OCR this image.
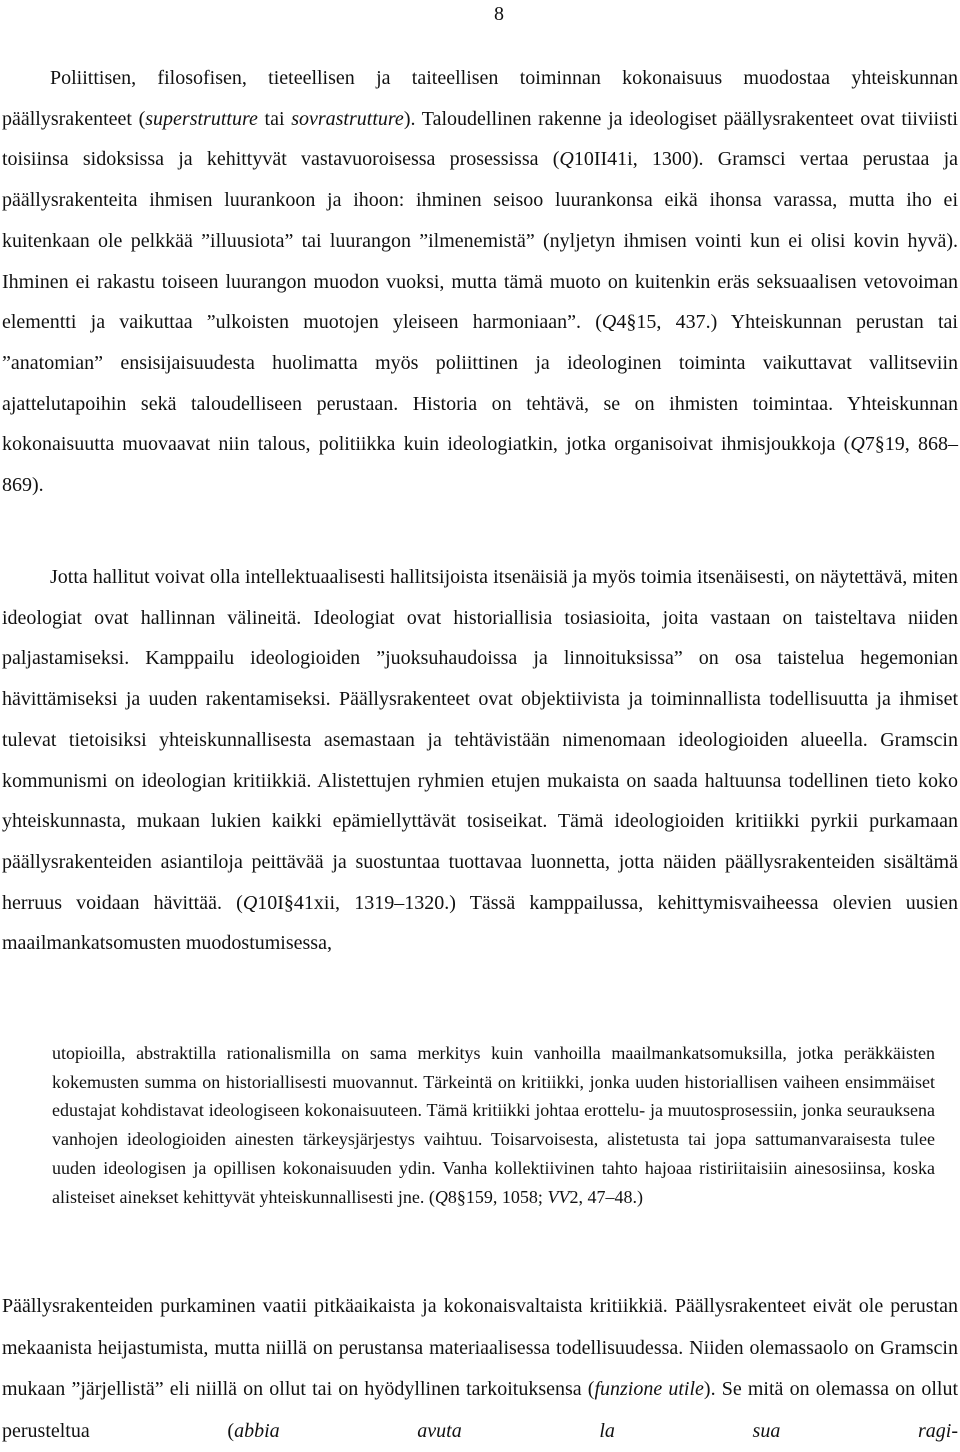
8

Poliittisen, filosofisen, tieteellisen ja taiteellisen toiminnan kokonaisuus muodostaa yhteiskunnan päällysrakenteet (superstrutture tai sovrastrutture). Taloudellinen rakenne ja ideologiset päällysrakenteet ovat tiiviisti toisiinsa sidoksissa ja kehittyvät vastavuoroisessa prosessissa (Q10II41i, 1300). Gramsci vertaa perustaa ja päällysrakenteita ihmisen luurankoon ja ihoon: ihminen seisoo luurankonsa eikä ihonsa varassa, mutta iho ei kuitenkaan ole pelkkää ”illuusiota” tai luurangon ”ilmenemistä” (nyljetyn ihmisen vointi kun ei olisi kovin hyvä). Ihminen ei rakastu toiseen luurangon muodon vuoksi, mutta tämä muoto on kuitenkin eräs seksuaalisen vetovoiman elementti ja vaikuttaa ”ulkoisten muotojen yleiseen harmoniaan”. (Q4§15, 437.) Yhteiskunnan perustan tai ”anatomian” ensisijaisuudesta huolimatta myös poliittinen ja ideologinen toiminta vaikuttavat vallitseviin ajattelutapoihin sekä taloudelliseen perustaan. Historia on tehtävä, se on ihmisten toimintaa. Yhteiskunnan kokonaisuutta muovaavat niin talous, politiikka kuin ideologiatkin, jotka organisoivat ihmisjoukkoja (Q7§19, 868–869).

Jotta hallitut voivat olla intellektuaalisesti hallitsijoista itsenäisiä ja myös toimia itsenäisesti, on näytettävä, miten ideologiat ovat hallinnan välineitä. Ideologiat ovat historiallisia tosiasioita, joita vastaan on taisteltava niiden paljastamiseksi. Kamppailu ideologioiden ”juoksuhaudoissa ja linnoituksissa” on osa taistelua hegemonian hävittämiseksi ja uuden rakentamiseksi. Päällysrakenteet ovat objektiivista ja toiminnallista todellisuutta ja ihmiset tulevat tietoisiksi yhteiskunnallisesta asemastaan ja tehtävistään nimenomaan ideologioiden alueella. Gramscin kommunismi on ideologian kritiikkiä. Alistettujen ryhmien etujen mukaista on saada haltuunsa todellinen tieto koko yhteiskunnasta, mukaan lukien kaikki epämiellyttävät tosiseikat. Tämä ideologioiden kritiikki pyrkii purkamaan päällysrakenteiden asiantiloja peittävää ja suostuntaa tuottavaa luonnetta, jotta näiden päällysrakenteiden sisältämä herruus voidaan hävittää. (Q10I§41xii, 1319–1320.) Tässä kamppailussa, kehittymisvaiheessa olevien uusien maailmankatsomusten muodostumisessa,

utopioilla, abstraktilla rationalismilla on sama merkitys kuin vanhoilla maailmankatsomuksilla, jotka peräkkäisten kokemusten summa on historiallisesti muovannut. Tärkeintä on kritiikki, jonka uuden historiallisen vaiheen ensimmäiset edustajat kohdistavat ideologiseen kokonaisuuteen. Tämä kritiikki johtaa erottelu- ja muutosprosessiin, jonka seurauksena vanhojen ideologioiden ainesten tärkeysjärjestys vaihtuu. Toisarvoisesta, alistetusta tai jopa sattumanvaraisesta tulee uuden ideologisen ja opillisen kokonaisuuden ydin. Vanha kollektiivinen tahto hajoaa ristiriitaisiin ainesosiinsa, koska alisteiset ainekset kehittyvät yhteiskunnallisesti jne. (Q8§159, 1058; VV2, 47–48.)

Päällysrakenteiden purkaminen vaatii pitkäaikaista ja kokonaisvaltaista kritiikkiä. Päällysrakenteet eivät ole perustan mekaanista heijastumista, mutta niillä on perustansa materiaalisessa todellisuudessa. Niiden olemassaolo on Gramscin mukaan ”järjellistä” eli niillä on ollut tai on hyödyllinen tarkoituksensa (funzione utile). Se mitä on olemassa on ollut perusteltua (abbia avuta la sua ragi-
